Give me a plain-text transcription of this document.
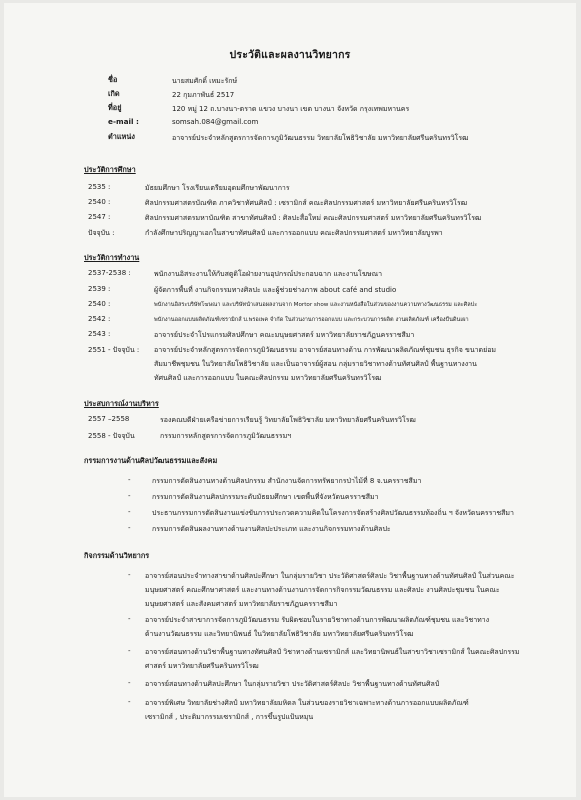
ประวัติและผลงานวิทยากร
ชื่อ	นายสมศักดิ์ เหมะรักษ์
เกิด	22 กุมภาพันธ์ 2517
ที่อยู่	120 หมู่ 12 ถ.บางนา-ตราด แขวง บางนา เขต บางนา จังหวัด กรุงเทพมหานคร
e-mail :	somsah.084@gmail.com
ตำแหน่ง	อาจารย์ประจำหลักสูตรการจัดการภูมิวัฒนธรรม วิทยาลัยโพธิวิชาลัย มหาวิทยาลัยศรีนครินทรวิโรฒ
ประวัติการศึกษา
2535 :	มัธยมศึกษา โรงเรียนเตรียมอุดมศึกษาพัฒนาการ
2540 :	ศิลปกรรมศาสตรบัณฑิต ภาควิชาทัศนศิลป์ : เซรามิกส์ คณะศิลปกรรมศาสตร์ มหาวิทยาลัยศรีนครินทรวิโรฒ
2547 :	ศิลปกรรมศาสตรมหาบัณฑิต สาขาทัศนศิลป์ : ศิลปะสื่อใหม่ คณะศิลปกรรมศาสตร์ มหาวิทยาลัยศรีนครินทรวิโรฒ
ปัจจุบัน :	กำลังศึกษาปริญญาเอกในสาขาทัศนศิลป์ และการออกแบบ คณะศิลปกรรมศาสตร์ มหาวิทยาลัยบูรพา
ประวัติการทำงาน
2537-2538 :	พนักงานอิสระงานให้กับสตูดิโอฝ่ายงานอุปกรณ์ประกอบฉาก และงานโฆษณา
2539 :	ผู้จัดการพื้นที่ งานกิจกรรมทางศิลปะ และผู้ช่วยช่างภาพ about café and studio
2540 :	พนักงานอิสระบริษัทโฆษณา และบริษัทนำเสนอผลงานจาก Mortor show และงานหนังสือในส่วนของงานความทางวัฒนธรรม และศิลปะ
2542 :	พนักงานออกแบบผลิตภัณฑ์เซรามิกส์ บ.พรอเพค จำกัด ในส่วนงานการออกแบบ และกระบวนการผลิต งานผลิตภัณฑ์ เครื่องปั้นดินเผา
2543 :	อาจารย์ประจำโปรแกรมศิลปศึกษา คณะมนุษยศาสตร์ มหาวิทยาลัยราชภัฏนครราชสีมา
2551 - ปัจจุบัน : อาจารย์ประจำหลักสูตรการจัดการภูมิวัฒนธรรม อาจารย์สอนทางด้าน การพัฒนาผลิตภัณฑ์ชุมชน ธุรกิจ ขนาดย่อม
สัมมาชีพชุมชน ในวิทยาลัยโพธิวิชาลัย และเป็นอาจารย์ผู้สอน กลุ่มรายวิชาทางด้านทัศนศิลป์ พื้นฐานทางงาน
ทัศนศิลป์ และการออกแบบ ในคณะศิลปกรรม มหาวิทยาลัยศรีนครินทรวิโรฒ
ประสบการณ์งานบริหาร
2557 –2558	รองคณบดีฝ่ายเครือข่ายการเรียนรู้ วิทยาลัยโพธิวิชาลัย มหาวิทยาลัยศรีนครินทรวิโรฒ
2558 - ปัจจุบัน	กรรมการหลักสูตรการจัดการภูมิวัฒนธรรมฯ
กรรมการงานด้านศิลปวัฒนธรรมและสังคม
-	กรรมการตัดสินงานทางด้านศิลปกรรม สำนักงานจัดการทรัพยากรป่าไม้ที่ 8 จ.นครราชสีมา
-	กรรมการตัดสินงานศิลปกรรมระดับมัธยมศึกษา เขตพื้นที่จังหวัดนครราชสีมา
-	ประธานกรรมการตัดสินงานแข่งขันการประกวดความคิดในโครงการจัดสร้างศิลปวัฒนธรรมท้องถิ่น ฯ จังหวัดนครราชสีมา
-	กรรมการตัดสินผลงานทางด้านงานศิลปะประเภท และงานกิจกรรมทางด้านศิลปะ
กิจกรรมด้านวิทยากร
- อาจารย์สอนประจำทางสาขาด้านศิลปะศึกษา ในกลุ่มรายวิชา ประวัติศาสตร์ศิลปะ วิชาพื้นฐานทางด้านทัศนศิลป์ ในส่วนคณะ
มนุษยศาสตร์ คณะศึกษาศาสตร์ และงานทางด้านงานการจัดการกิจกรรมวัฒนธรรม และศิลปะ งานศิลปะชุมชน ในคณะ
มนุษยศาสตร์ และสังคมศาสตร์ มหาวิทยาลัยราชภัฏนครราชสีมา
- อาจารย์ประจำสาขาการจัดการภูมิวัฒนธรรม รับผิดชอบในรายวิชาทางด้านการพัฒนาผลิตภัณฑ์ชุมชน และวิชาทาง
ด้านงานวัฒนธรรม และวิทยานิพนธ์ ในวิทยาลัยโพธิวิชาลัย มหาวิทยาลัยศรีนครินทรวิโรฒ
- อาจารย์สอนทางด้านวิชาพื้นฐานทางทัศนศิลป์ วิชาทางด้านเซรามิกส์ และวิทยานิพนธ์ในสาขาวิชาเซรามิกส์ ในคณะศิลปกรรม
ศาสตร์ มหาวิทยาลัยศรีนครินทรวิโรฒ
- อาจารย์สอนทางด้านศิลปะศึกษา ในกลุ่มรายวิชา ประวัติศาสตร์ศิลปะ วิชาพื้นฐานทางด้านทัศนศิลป์
- อาจารย์พิเศษ วิทยาลัยช่างศิลป์ มหาวิทยาลัยมหิดล ในส่วนของรายวิชาเฉพาะทางด้านการออกแบบผลิตภัณฑ์
เซรามิกส์ , ประติมากรรมเซรามิกส์ , การขึ้นรูปแป้นหมุน
